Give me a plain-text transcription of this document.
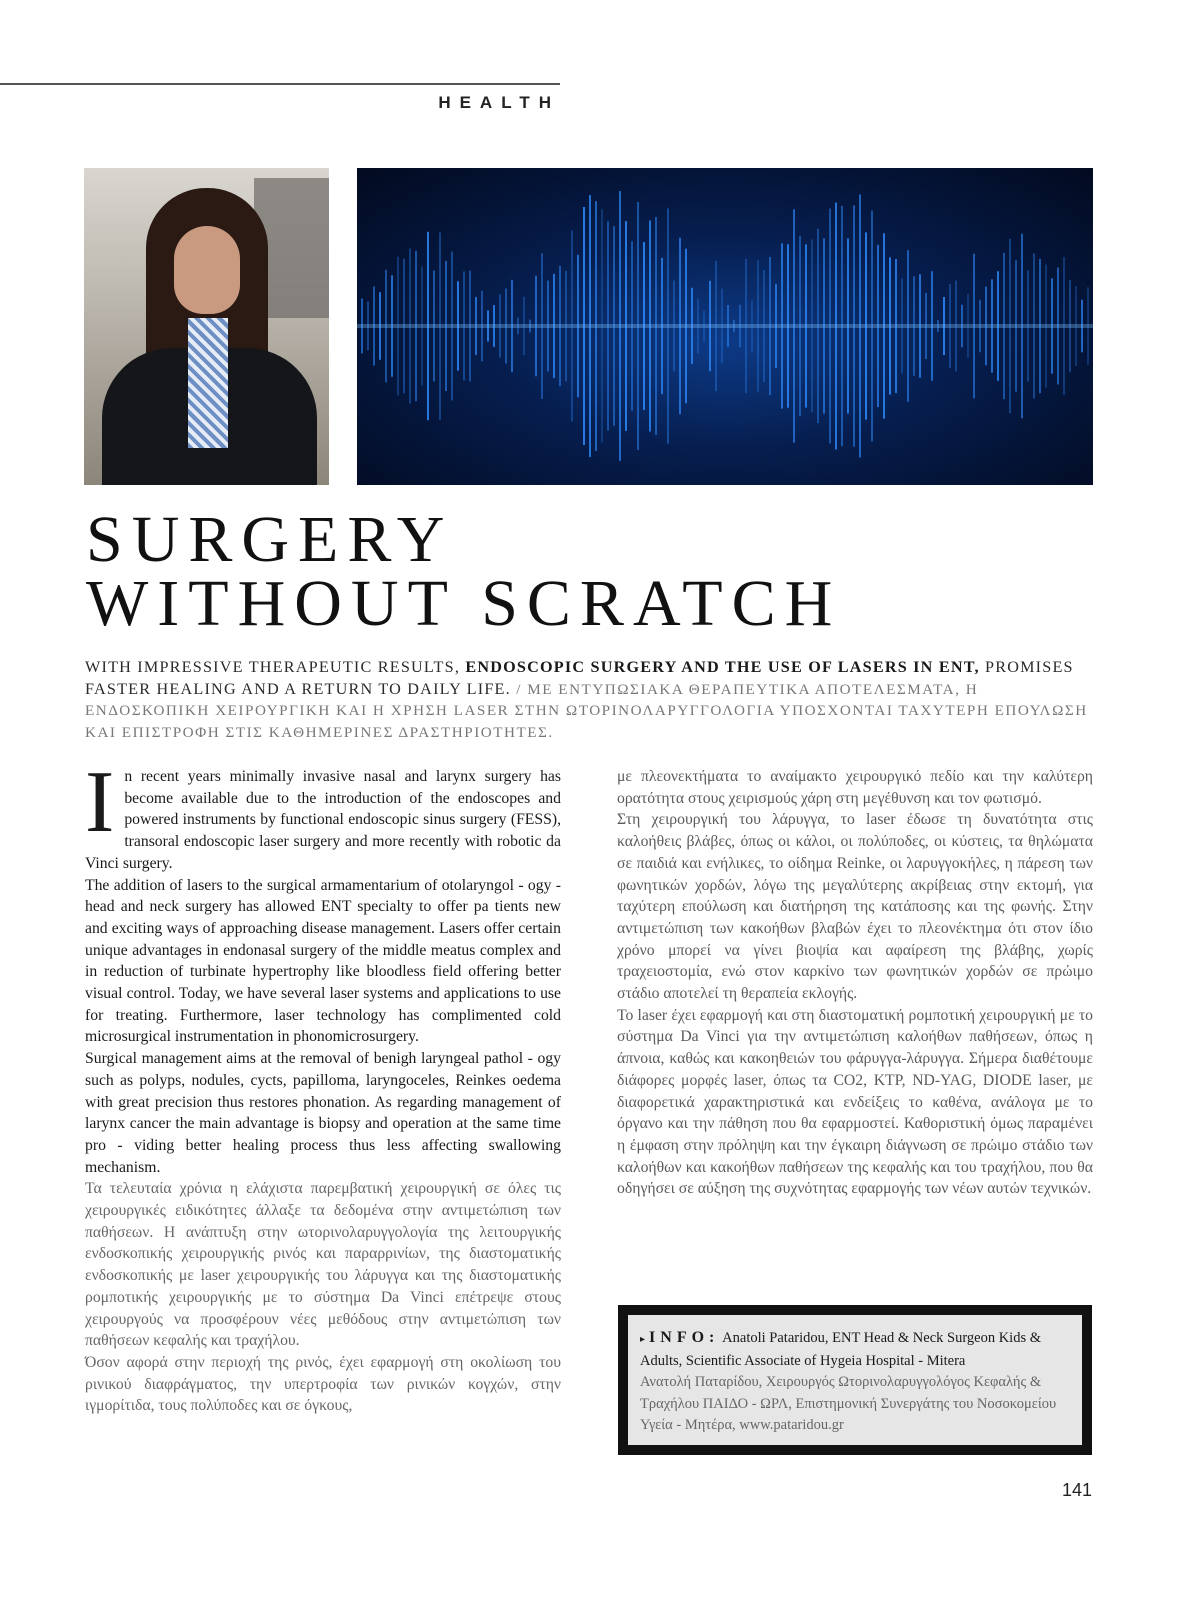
HEALTH
SURGERY
WITHOUT SCRATCH
WITH IMPRESSIVE THERAPEUTIC RESULTS, ENDOSCOPIC SURGERY AND THE USE OF LASERS IN ENT, PROMISES FASTER HEALING AND A RETURN TO DAILY LIFE. / ΜΕ ΕΝΤΥΠΩΣΙΑΚΑ ΘΕΡΑΠΕΥΤΙΚΑ ΑΠΟΤΕΛΕΣΜΑΤΑ, Η ΕΝΔΟΣΚΟΠΙΚΗ ΧΕΙΡΟΥΡΓΙΚΗ ΚΑΙ Η ΧΡΗΣΗ LASER ΣΤΗΝ ΩΤΟΡΙΝΟΛΑΡΥΓΓΟΛΟΓΙΑ ΥΠΟΣΧΟΝΤΑΙ ΤΑΧΥΤΕΡΗ ΕΠΟΥΛΩΣΗ ΚΑΙ ΕΠΙΣΤΡΟΦΗ ΣΤΙΣ ΚΑΘΗΜΕΡΙΝΕΣ ΔΡΑΣΤΗΡΙΟΤΗΤΕΣ.

In recent years minimally invasive nasal and larynx surgery has become available due to the introduction of the endoscopes and powered instruments by functional endoscopic sinus surgery (FESS), transoral endoscopic laser surgery and more recently with robotic da Vinci surgery.

The addition of lasers to the surgical armamentarium of otolaryngol - ogy -head and neck surgery has allowed ENT specialty to offer pa tients new and exciting ways of approaching disease management. Lasers offer certain unique advantages in endonasal surgery of the middle meatus complex and in reduction of turbinate hypertrophy like bloodless field offering better visual control. Today, we have several laser systems and applications to use for treating. Furthermore, laser technology has complimented cold microsurgical instrumentation in phonomicrosurgery.

Surgical management aims at the removal of benigh laryngeal pathol - ogy such as polyps, nodules, cycts, papilloma, laryngoceles, Reinkes oedema with great precision thus restores phonation. As regarding management of larynx cancer the main advantage is biopsy and operation at the same time pro - viding better healing process thus less affecting swallowing mechanism.

Τα τελευταία χρόνια η ελάχιστα παρεμβατική χειρουργική σε όλες τις χειρουργικές ειδικότητες άλλαξε τα δεδομένα στην αντιμετώπιση των παθήσεων. Η ανάπτυξη στην ωτορινολαρυγγολογία της λειτουργικής ενδοσκοπικής χειρουργικής ρινός και παραρρινίων, της διαστοματικής ενδοσκοπικής με laser χειρουργικής του λάρυγγα και της διαστοματικής ρομποτικής χειρουργικής με το σύστημα Da Vinci επέτρεψε στους χειρουργούς να προσφέρουν νέες μεθόδους στην αντιμετώπιση των παθήσεων κεφαλής και τραχήλου.

Όσον αφορά στην περιοχή της ρινός, έχει εφαρμογή στη οκολίωση του ρινικού διαφράγματος, την υπερτροφία των ρινικών κογχών, στην ιγμορίτιδα, τους πολύποδες και σε όγκους,

με πλεονεκτήματα το αναίμακτο χειρουργικό πεδίο και την καλύτερη ορατότητα στους χειρισμούς χάρη στη μεγέθυνση και τον φωτισμό.

Στη χειρουργική του λάρυγγα, το laser έδωσε τη δυνατότητα στις καλοήθεις βλάβες, όπως οι κάλοι, οι πολύποδες, οι κύστεις, τα θηλώματα σε παιδιά και ενήλικες, το οίδημα Reinke, οι λαρυγγοκήλες, η πάρεση των φωνητικών χορδών, λόγω της μεγαλύτερης ακρίβειας στην εκτομή, για ταχύτερη επούλωση και διατήρηση της κατάποσης και της φωνής. Στην αντιμετώπιση των κακοήθων βλαβών έχει το πλεονέκτημα ότι στον ίδιο χρόνο μπορεί να γίνει βιοψία και αφαίρεση της βλάβης, χωρίς τραχειοστομία, ενώ στον καρκίνο των φωνητικών χορδών σε πρώιμο στάδιο αποτελεί τη θεραπεία εκλογής.

Το laser έχει εφαρμογή και στη διαστοματική ρομποτική χειρουργική με το σύστημα Da Vinci για την αντιμετώπιση καλοήθων παθήσεων, όπως η άπνοια, καθώς και κακοηθειών του φάρυγγα-λάρυγγα. Σήμερα διαθέτουμε διάφορες μορφές laser, όπως τα CO2, KTP, ND-YAG, DIODE laser, με διαφορετικά χαρακτηριστικά και ενδείξεις το καθένα, ανάλογα με το όργανο και την πάθηση που θα εφαρμοστεί. Καθοριστική όμως παραμένει η έμφαση στην πρόληψη και την έγκαιρη διάγνωση σε πρώιμο στάδιο των καλοήθων και κακοήθων παθήσεων της κεφαλής και του τραχήλου, που θα οδηγήσει σε αύξηση της συχνότητας εφαρμογής των νέων αυτών τεχνικών.

▸ INFO: Anatoli Pataridou, ENT Head & Neck Surgeon Kids & Adults, Scientific Associate of Hygeia Hospital - Mitera
Ανατολή Παταρίδου, Χειρουργός Ωτορινολαρυγγολόγος Κεφαλής & Τραχήλου ΠΑΙΔΟ - ΩΡΛ, Επιστημονική Συνεργάτης του Νοσοκομείου Υγεία - Μητέρα, www.pataridou.gr
141
